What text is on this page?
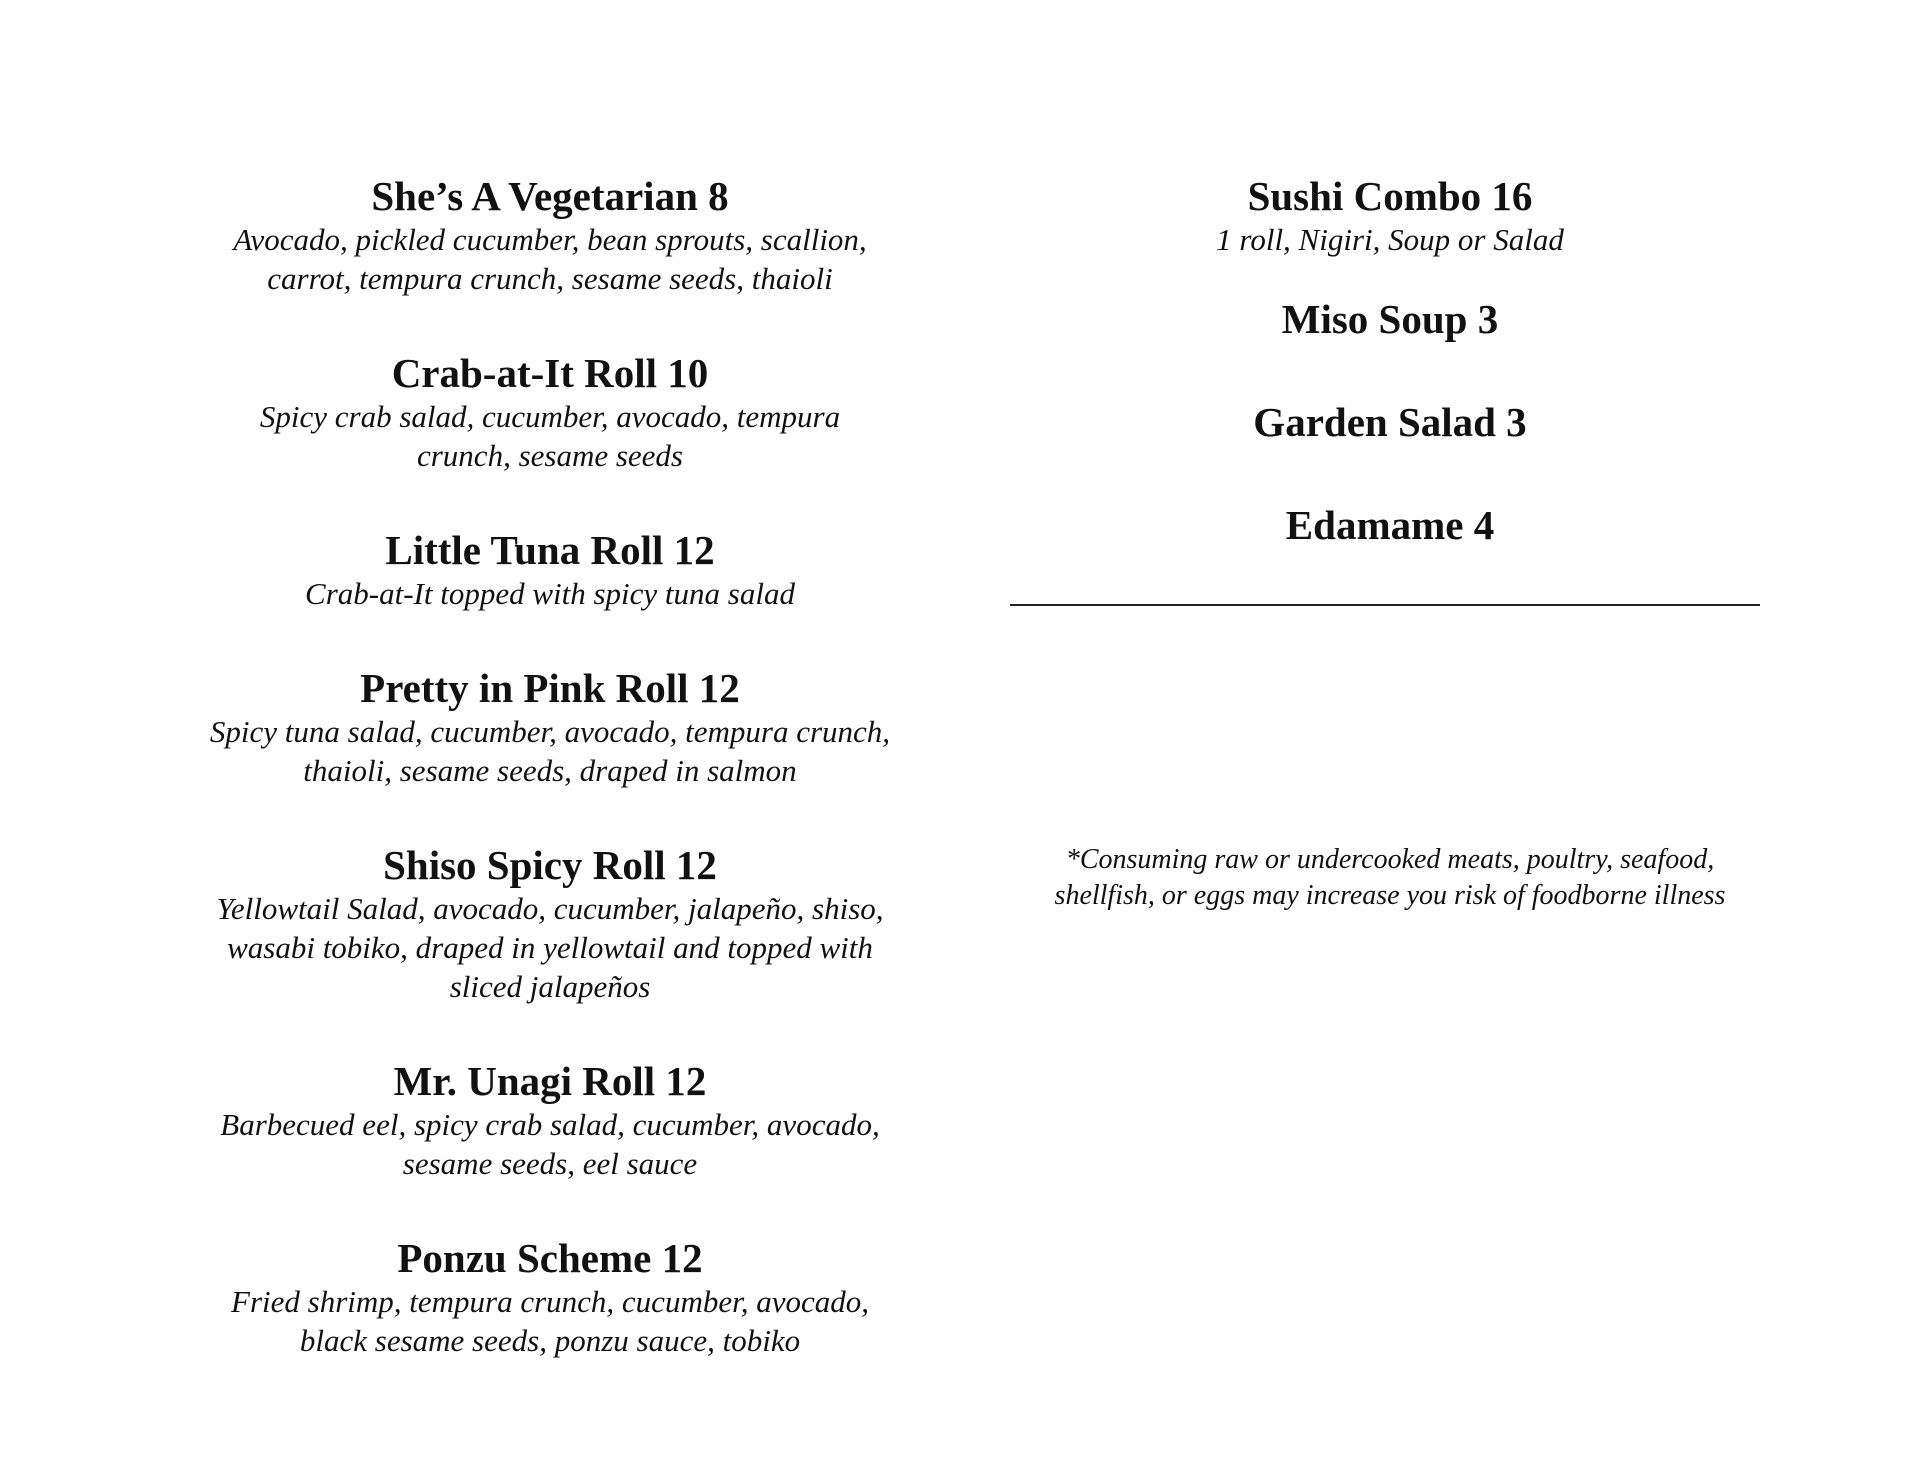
She’s A Vegetarian 8

Avocado, pickled cucumber, bean sprouts, scallion,

carrot, tempura crunch, sesame seeds, thaioli

Crab-at-It Roll 10

Spicy crab salad, cucumber, avocado, tempura

crunch, sesame seeds

Little Tuna Roll 12

Crab-at-It topped with spicy tuna salad

Pretty in Pink Roll 12

Spicy tuna salad, cucumber, avocado, tempura crunch,

thaioli, sesame seeds, draped in salmon

Shiso Spicy Roll 12

Yellowtail Salad, avocado, cucumber, jalapeño, shiso,

wasabi tobiko, draped in yellowtail and topped with

sliced jalapeños

Mr. Unagi Roll 12

Barbecued eel, spicy crab salad, cucumber, avocado,

sesame seeds, eel sauce

Ponzu Scheme 12

Fried shrimp, tempura crunch, cucumber, avocado,

black sesame seeds, ponzu sauce, tobiko

Sushi Combo 16

1 roll, Nigiri, Soup or Salad

Miso Soup 3

Garden Salad 3

Edamame 4

*Consuming raw or undercooked meats, poultry, seafood,
shellfish, or eggs may increase you risk of foodborne illness
